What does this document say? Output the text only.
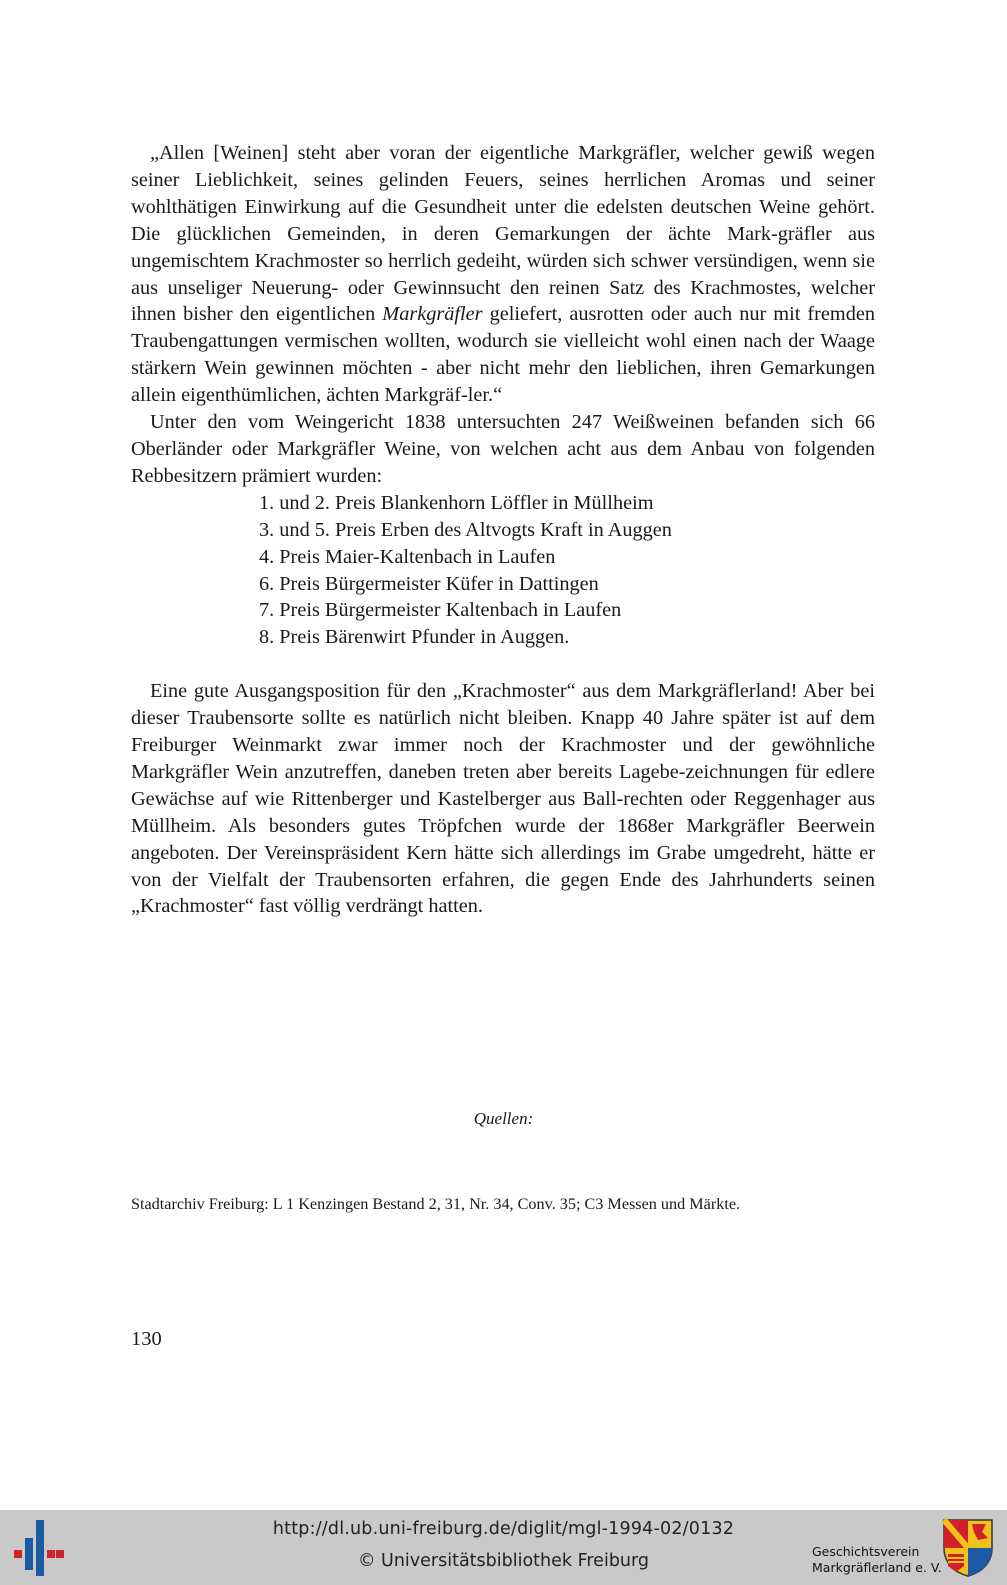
„Allen [Weinen] steht aber voran der eigentliche Markgräfler, welcher gewiß wegen seiner Lieblichkeit, seines gelinden Feuers, seines herrlichen Aromas und seiner wohlthätigen Einwirkung auf die Gesundheit unter die edelsten deutschen Weine gehört. Die glücklichen Gemeinden, in deren Gemarkungen der ächte Mark-gräfler aus ungemischtem Krachmoster so herrlich gedeiht, würden sich schwer versündigen, wenn sie aus unseliger Neuerung- oder Gewinnsucht den reinen Satz des Krachmostes, welcher ihnen bisher den eigentlichen Markgräfler geliefert, ausrotten oder auch nur mit fremden Traubengattungen vermischen wollten, wodurch sie vielleicht wohl einen nach der Waage stärkern Wein gewinnen möchten - aber nicht mehr den lieblichen, ihren Gemarkungen allein eigenthümlichen, ächten Markgräf-ler.“

Unter den vom Weingericht 1838 untersuchten 247 Weißweinen befanden sich 66 Oberländer oder Markgräfler Weine, von welchen acht aus dem Anbau von folgenden Rebbesitzern prämiert wurden:

1. und 2. Preis Blankenhorn Löffler in Müllheim
3. und 5. Preis Erben des Altvogts Kraft in Auggen
4. Preis Maier-Kaltenbach in Laufen
6. Preis Bürgermeister Küfer in Dattingen
7. Preis Bürgermeister Kaltenbach in Laufen
8. Preis Bärenwirt Pfunder in Auggen.

Eine gute Ausgangsposition für den „Krachmoster“ aus dem Markgräflerland! Aber bei dieser Traubensorte sollte es natürlich nicht bleiben. Knapp 40 Jahre später ist auf dem Freiburger Weinmarkt zwar immer noch der Krachmoster und der gewöhnliche Markgräfler Wein anzutreffen, daneben treten aber bereits Lagebe-zeichnungen für edlere Gewächse auf wie Rittenberger und Kastelberger aus Ball-rechten oder Reggenhager aus Müllheim. Als besonders gutes Tröpfchen wurde der 1868er Markgräfler Beerwein angeboten. Der Vereinspräsident Kern hätte sich allerdings im Grabe umgedreht, hätte er von der Vielfalt der Traubensorten erfahren, die gegen Ende des Jahrhunderts seinen „Krachmoster“ fast völlig verdrängt hatten.

Quellen:
Stadtarchiv Freiburg: L 1 Kenzingen Bestand 2, 31, Nr. 34, Conv. 35; C3 Messen und Märkte.
130
http://dl.ub.uni-freiburg.de/diglit/mgl-1994-02/0132
© Universitätsbibliothek Freiburg	Geschichtsverein
Markgräflerland e. V.
